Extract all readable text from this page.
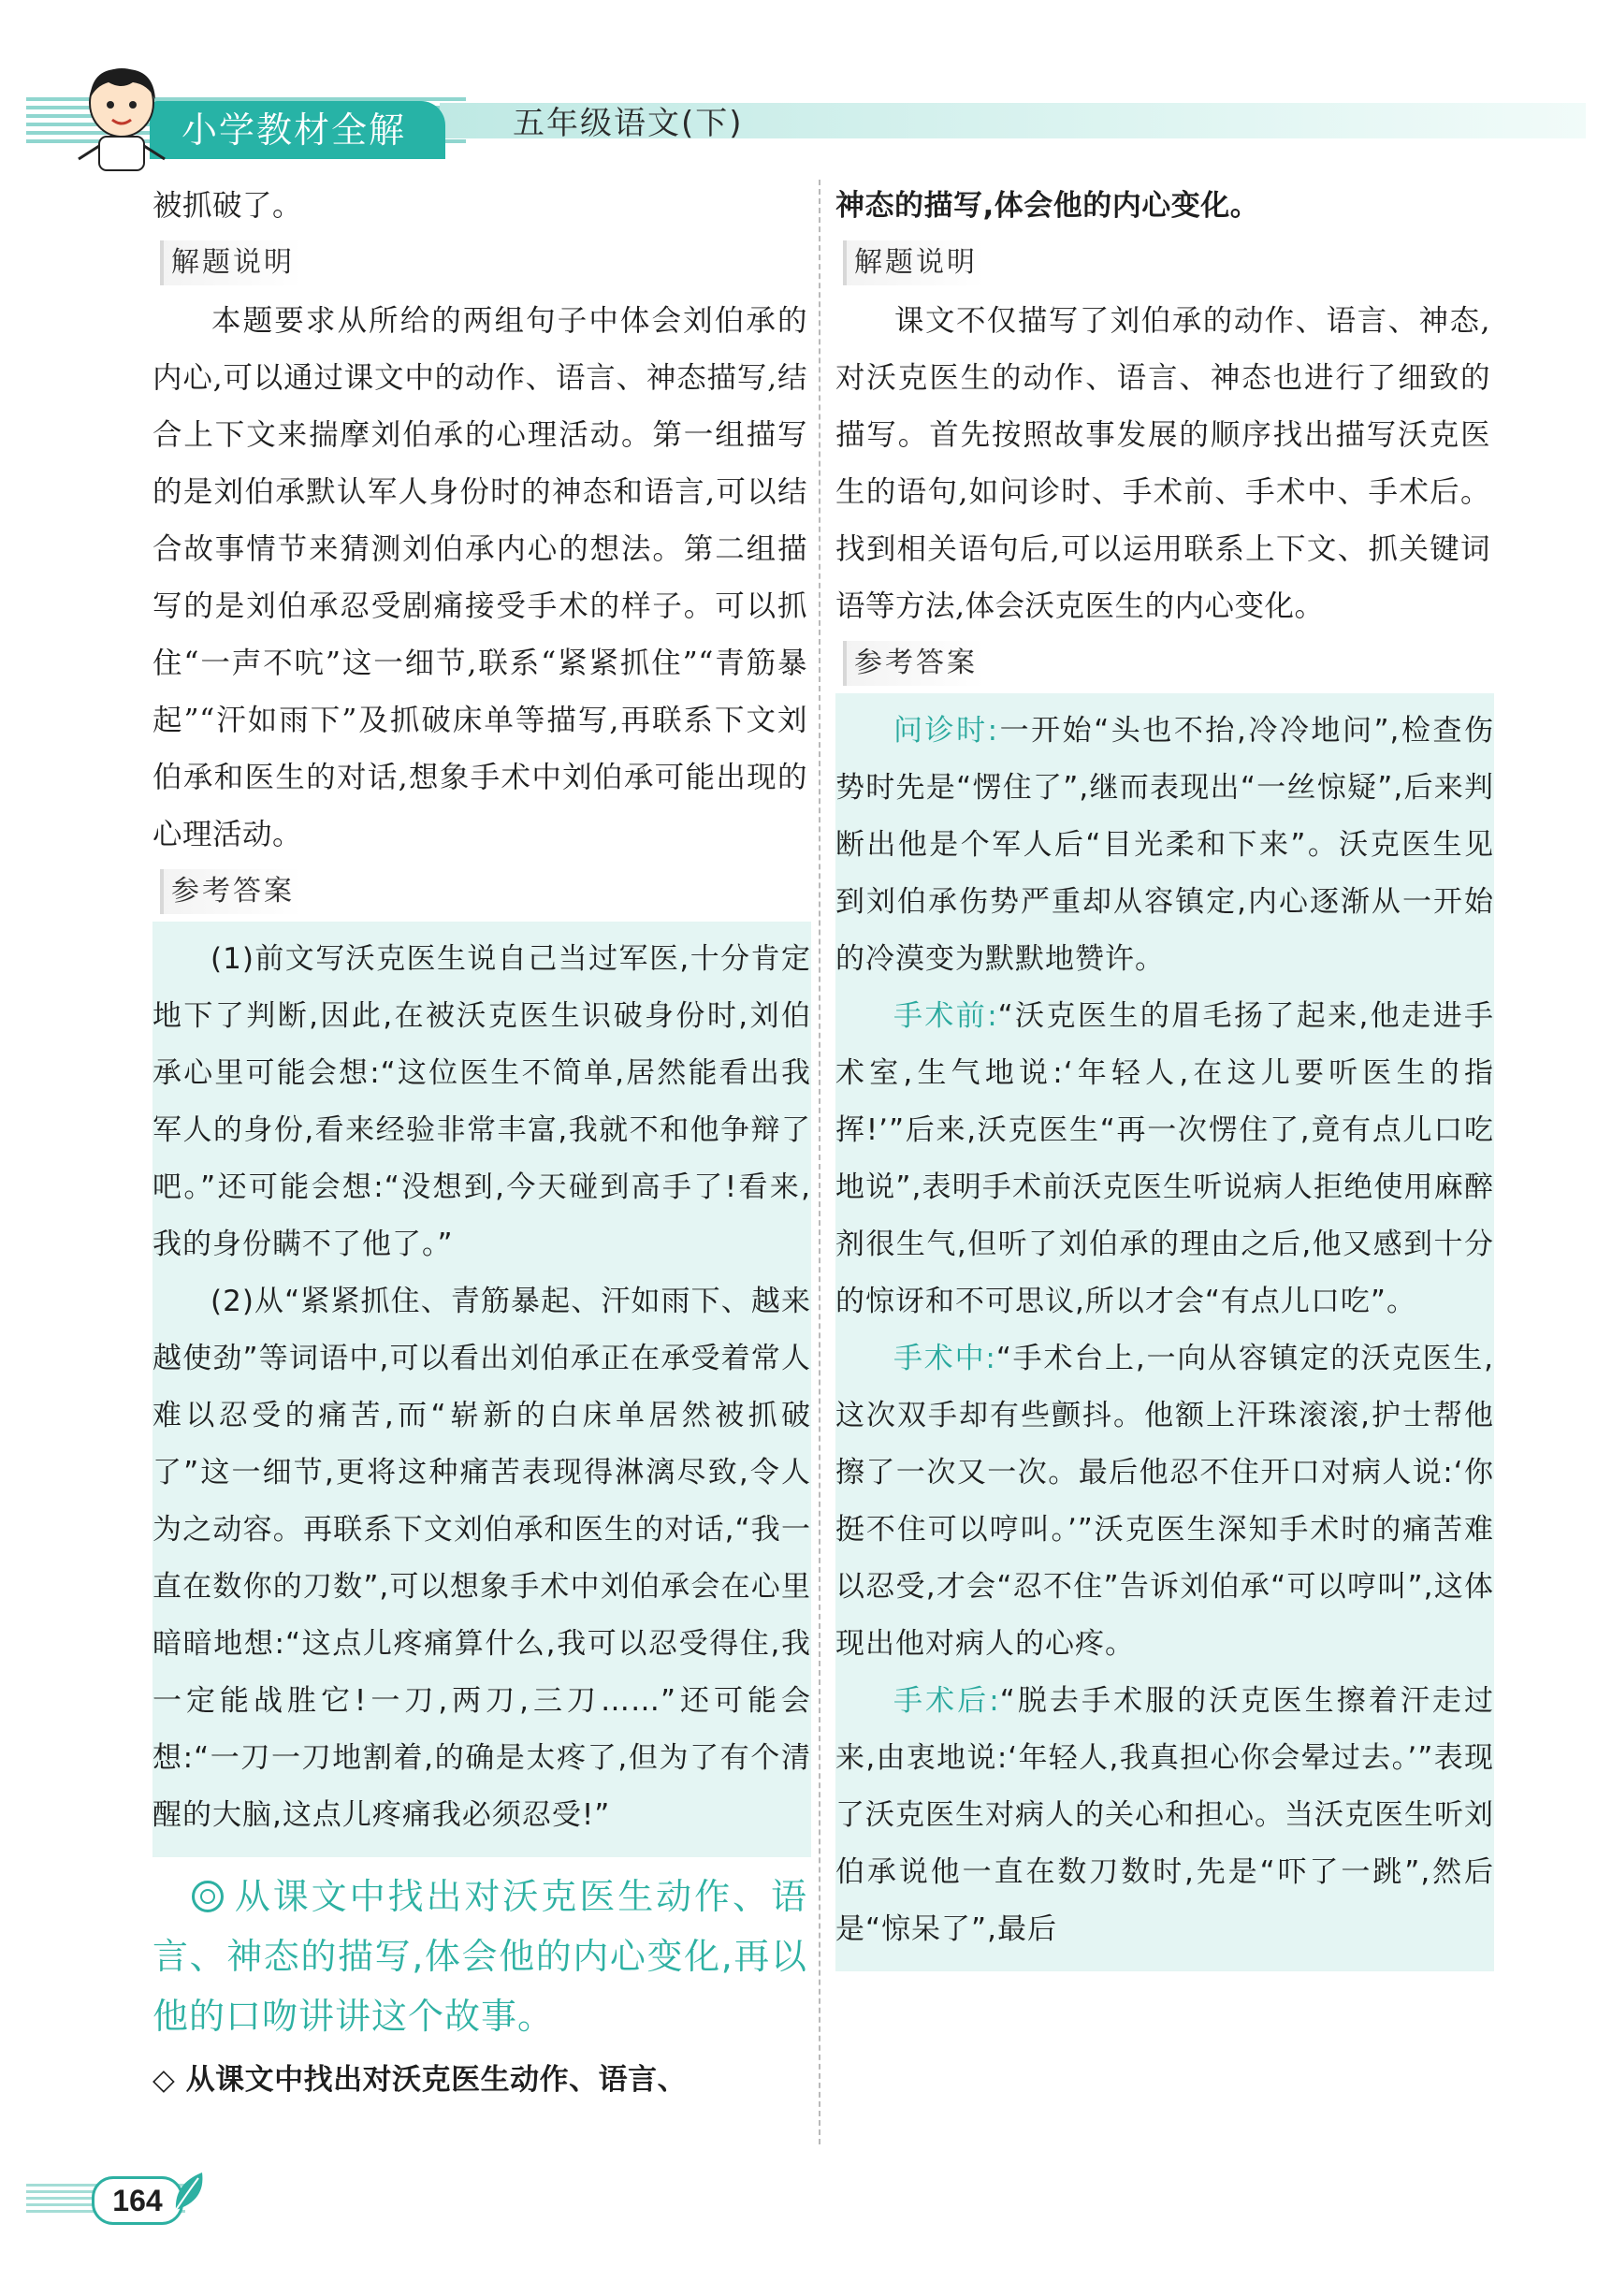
小学教材全解	五年级语文(下)

被抓破了。

解题说明

本题要求从所给的两组句子中体会刘伯承的内心,可以通过课文中的动作、语言、神态描写,结合上下文来揣摩刘伯承的心理活动。第一组描写的是刘伯承默认军人身份时的神态和语言,可以结合故事情节来猜测刘伯承内心的想法。第二组描写的是刘伯承忍受剧痛接受手术的样子。可以抓住“一声不吭”这一细节,联系“紧紧抓住”“青筋暴起”“汗如雨下”及抓破床单等描写,再联系下文刘伯承和医生的对话,想象手术中刘伯承可能出现的心理活动。

参考答案

(1)前文写沃克医生说自己当过军医,十分肯定地下了判断,因此,在被沃克医生识破身份时,刘伯承心里可能会想:“这位医生不简单,居然能看出我军人的身份,看来经验非常丰富,我就不和他争辩了吧。”还可能会想:“没想到,今天碰到高手了!看来,我的身份瞒不了他了。”

(2)从“紧紧抓住、青筋暴起、汗如雨下、越来越使劲”等词语中,可以看出刘伯承正在承受着常人难以忍受的痛苦,而“崭新的白床单居然被抓破了”这一细节,更将这种痛苦表现得淋漓尽致,令人为之动容。再联系下文刘伯承和医生的对话,“我一直在数你的刀数”,可以想象手术中刘伯承会在心里暗暗地想:“这点儿疼痛算什么,我可以忍受得住,我一定能战胜它!一刀,两刀,三刀……”还可能会想:“一刀一刀地割着,的确是太疼了,但为了有个清醒的大脑,这点儿疼痛我必须忍受!”

从课文中找出对沃克医生动作、语言、神态的描写,体会他的内心变化,再以他的口吻讲讲这个故事。

◇ 从课文中找出对沃克医生动作、语言、

神态的描写,体会他的内心变化。

解题说明

课文不仅描写了刘伯承的动作、语言、神态,对沃克医生的动作、语言、神态也进行了细致的描写。首先按照故事发展的顺序找出描写沃克医生的语句,如问诊时、手术前、手术中、手术后。找到相关语句后,可以运用联系上下文、抓关键词语等方法,体会沃克医生的内心变化。

参考答案

问诊时:一开始“头也不抬,冷冷地问”,检查伤势时先是“愣住了”,继而表现出“一丝惊疑”,后来判断出他是个军人后“目光柔和下来”。沃克医生见到刘伯承伤势严重却从容镇定,内心逐渐从一开始的冷漠变为默默地赞许。

手术前:“沃克医生的眉毛扬了起来,他走进手术室,生气地说:‘年轻人,在这儿要听医生的指挥!’”后来,沃克医生“再一次愣住了,竟有点儿口吃地说”,表明手术前沃克医生听说病人拒绝使用麻醉剂很生气,但听了刘伯承的理由之后,他又感到十分的惊讶和不可思议,所以才会“有点儿口吃”。

手术中:“手术台上,一向从容镇定的沃克医生,这次双手却有些颤抖。他额上汗珠滚滚,护士帮他擦了一次又一次。最后他忍不住开口对病人说:‘你挺不住可以哼叫。’”沃克医生深知手术时的痛苦难以忍受,才会“忍不住”告诉刘伯承“可以哼叫”,这体现出他对病人的心疼。

手术后:“脱去手术服的沃克医生擦着汗走过来,由衷地说:‘年轻人,我真担心你会晕过去。’”表现了沃克医生对病人的关心和担心。当沃克医生听刘伯承说他一直在数刀数时,先是“吓了一跳”,然后是“惊呆了”,最后

164
